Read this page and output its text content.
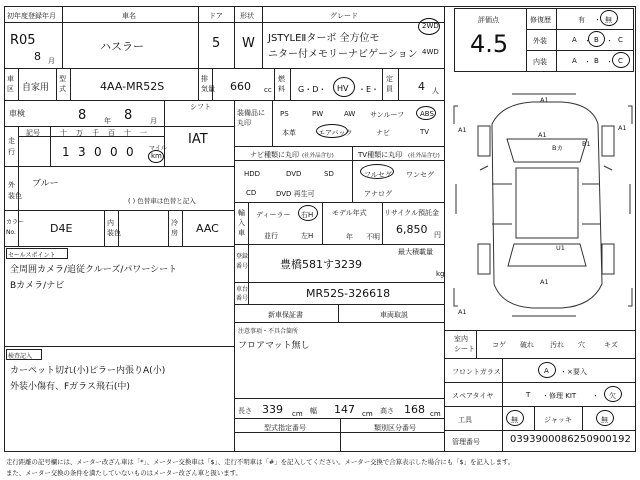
初年度登録年月
R05
8 月
車名
ハスラー
ドア
5
形状
W
グレード
JSTYLEⅡターボ 全方位モ
ニター付メモリーナビゲーション
2WD
4WD
車
区 自家用
型
式	4AA-MR52S
排
気量 660 cc
燃
料 G・D・ HV ・E・
定
員 4 人
車検	8	年 8	月
シフト
IAT
走
行
記号	十 万 千 百 十 一
1 3 0 0 0	マイル
km
外
装色
ブルー
( ) 色替車は色替と記入
カラー
No.	D4E	内
装色
冷
房 AAC
セールスポイント
全周囲カメラ/追従クルーズ/パワーシート
Bカメラ/ナビ
検査記入
カーペット切れ(小)ピラー内張りA(小)
外装小傷有、Fガラス飛石(中)
装備品に
丸印
PS	PW	AW サンルーフ ABS
本革	エアバック	ナビ	TV
ナビ種類に丸印 (社外品含む)
HDD	DVD	SD
CD	DVD 再生可
TV種類に丸印 (社外品含む)
フルセグ ワンセグ
アナログ
輸
入
車
ディーラー 右H
並行	左H
モデル年式
年 不明
リサイクル預託金
6,850 円
登録
番号	豊橋581す3239
最大積載量
kg
車台
番号	MR52S-326618
新車保証書	車両取説
注意事項・不具合箇所
フロアマット無し
長さ 339 cm 幅 147 cm 高さ 168 cm
型式指定番号	類別区分番号
評価点
4.5
修復歴	有 ・ 無
外装	A ・ B ・ C
内装	A ・ B ・ C
A1
A1
A1	A1
A1
A1
U1
Bカ	B1
室内
シート コゲ 破れ 汚れ 穴	キズ
フロントガラス	A ・×要入
スペアタイヤ	T ・修理 KIT ・ 欠
工具	無	ジャッキ	無
管理番号	0393900086250900192
走行距離の記号欄には、メーター改ざん車は「*」、メーター交換車は「$」、走行不明車は「#」を記入してください。メーター交換で合算表示した場合にも「$」を記入します。
また、メーター交換の条件を満たしていないものはメーター改ざん車と扱います。
